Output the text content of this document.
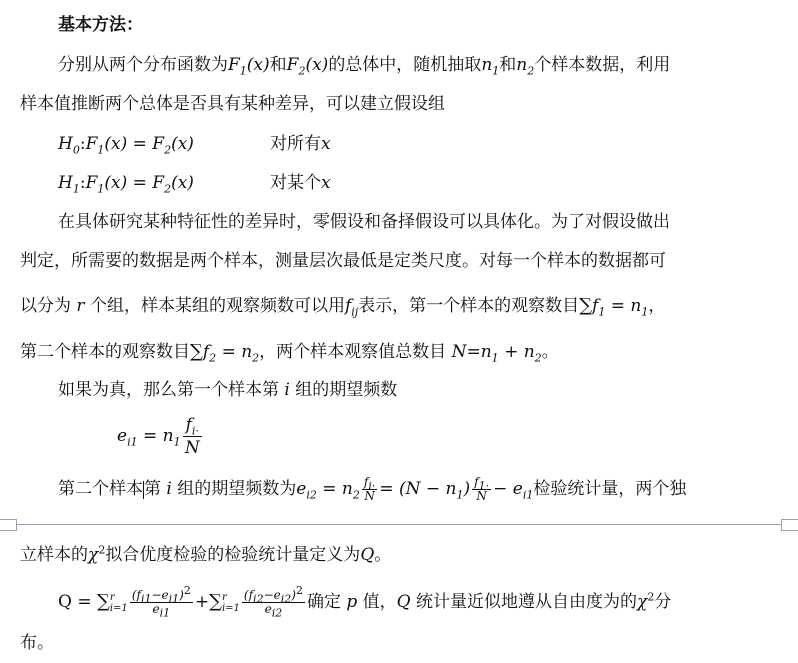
基本方法：
分别从两个分布函数为$F_1(x)$和$F_2(x)$的总体中，随机抽取$n_1$和$n_2$个样本数据，利用
样本值推断两个总体是否具有某种差异，可以建立假设组
$H_0:F_1(x) = F_2(x)$	对所有x
$H_1:F_1(x) = F_2(x)$	对某个x
在具体研究某种特征性的差异时，零假设和备择假设可以具体化。为了对假设做出
判定，所需要的数据是两个样本，测量层次最低是定类尺度。对每一个样本的数据都可
以分为 r 个组，样本某组的观察频数可以用$f_{ij}$表示，第一个样本的观察数目$\sum f_1 = n_1$，
第二个样本的观察数目$\sum f_2 = n_2$，两个样本观察值总数目 $N=n_1 + n_2$。
如果为真，那么第一个样本第 i 组的期望频数
$e_{i1} = n_1 \frac{f_{i\cdot}}{N}$
第二个样本第 i 组的期望频数为$e_{i2} = n_2 \frac{f_{i\cdot}}{N} = (N - n_1) \frac{f_{1\cdot}}{N} - e_{i1}$检验统计量，两个独
立样本的$\chi^2$拟合优度检验的检验统计量定义为Q。
Q = ∑ r
$i=1 \frac{(f_{i1}-e_{i1})^2}{e_{i1}}$ +∑ r
$i=1 \frac{(f_{i2}-e_{i2})^2}{e_{i2}}$ 确定 p 值，Q 统计量近似地遵从自由度为的$\chi^2$分
布。
